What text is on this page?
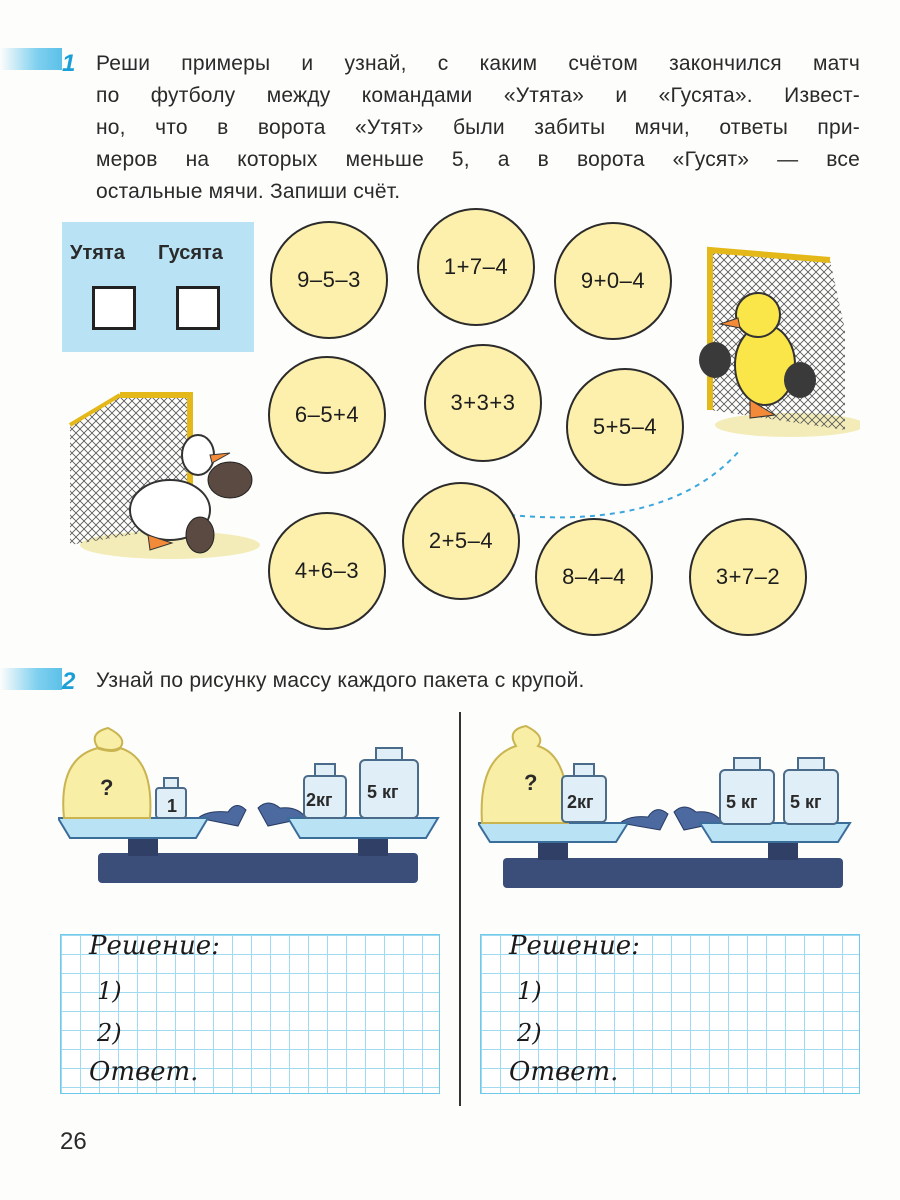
1 Реши примеры и узнай, с каким счётом закончился матч
по футболу между командами «Утята» и «Гусята». Извест-
но, что в ворота «Утят» были забиты мячи, ответы при-
меров на которых меньше 5, а в ворота «Гусят» — все
остальные мячи. Запиши счёт.
Утята Гусята
9–5–3
1+7–4
9+0–4
6–5+4	3+3+3
5+5–4
2+5–4
4+6–3	8–4–4	3+7–2
2 Узнай по рисунку массу каждого пакета с крупой.
?
1	2кг 5 кг	?
2кг	5 кг 5 кг
Решение:
1)
2)
Ответ.
Решение:
1)
2)
Ответ.
26
